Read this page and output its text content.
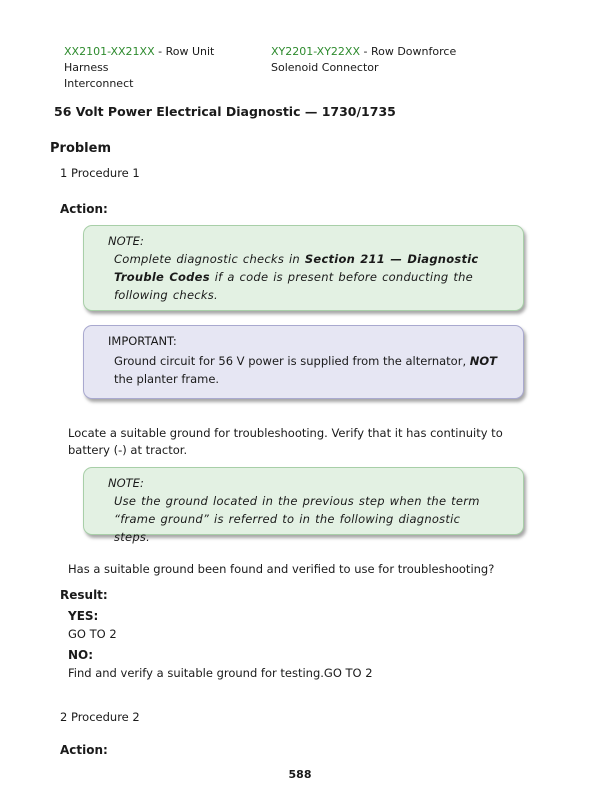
XX2101-XX21XX - Row Unit Harness
Interconnect
XY2201-XY22XX - Row Downforce
Solenoid Connector
56 Volt Power Electrical Diagnostic — 1730/1735
Problem
1 Procedure 1
Action:
NOTE:
Complete diagnostic checks in Section 211 — Diagnostic Trouble Codes if a code is present before conducting the following checks.
IMPORTANT:
Ground circuit for 56 V power is supplied from the alternator, NOT the planter frame.
Locate a suitable ground for troubleshooting. Verify that it has continuity to battery (-) at tractor.
NOTE:
Use the ground located in the previous step when the term “frame ground” is referred to in the following diagnostic steps.
Has a suitable ground been found and verified to use for troubleshooting?
Result:
YES:
GO TO 2
NO:
Find and verify a suitable ground for testing.GO TO 2
2 Procedure 2
Action:
588
